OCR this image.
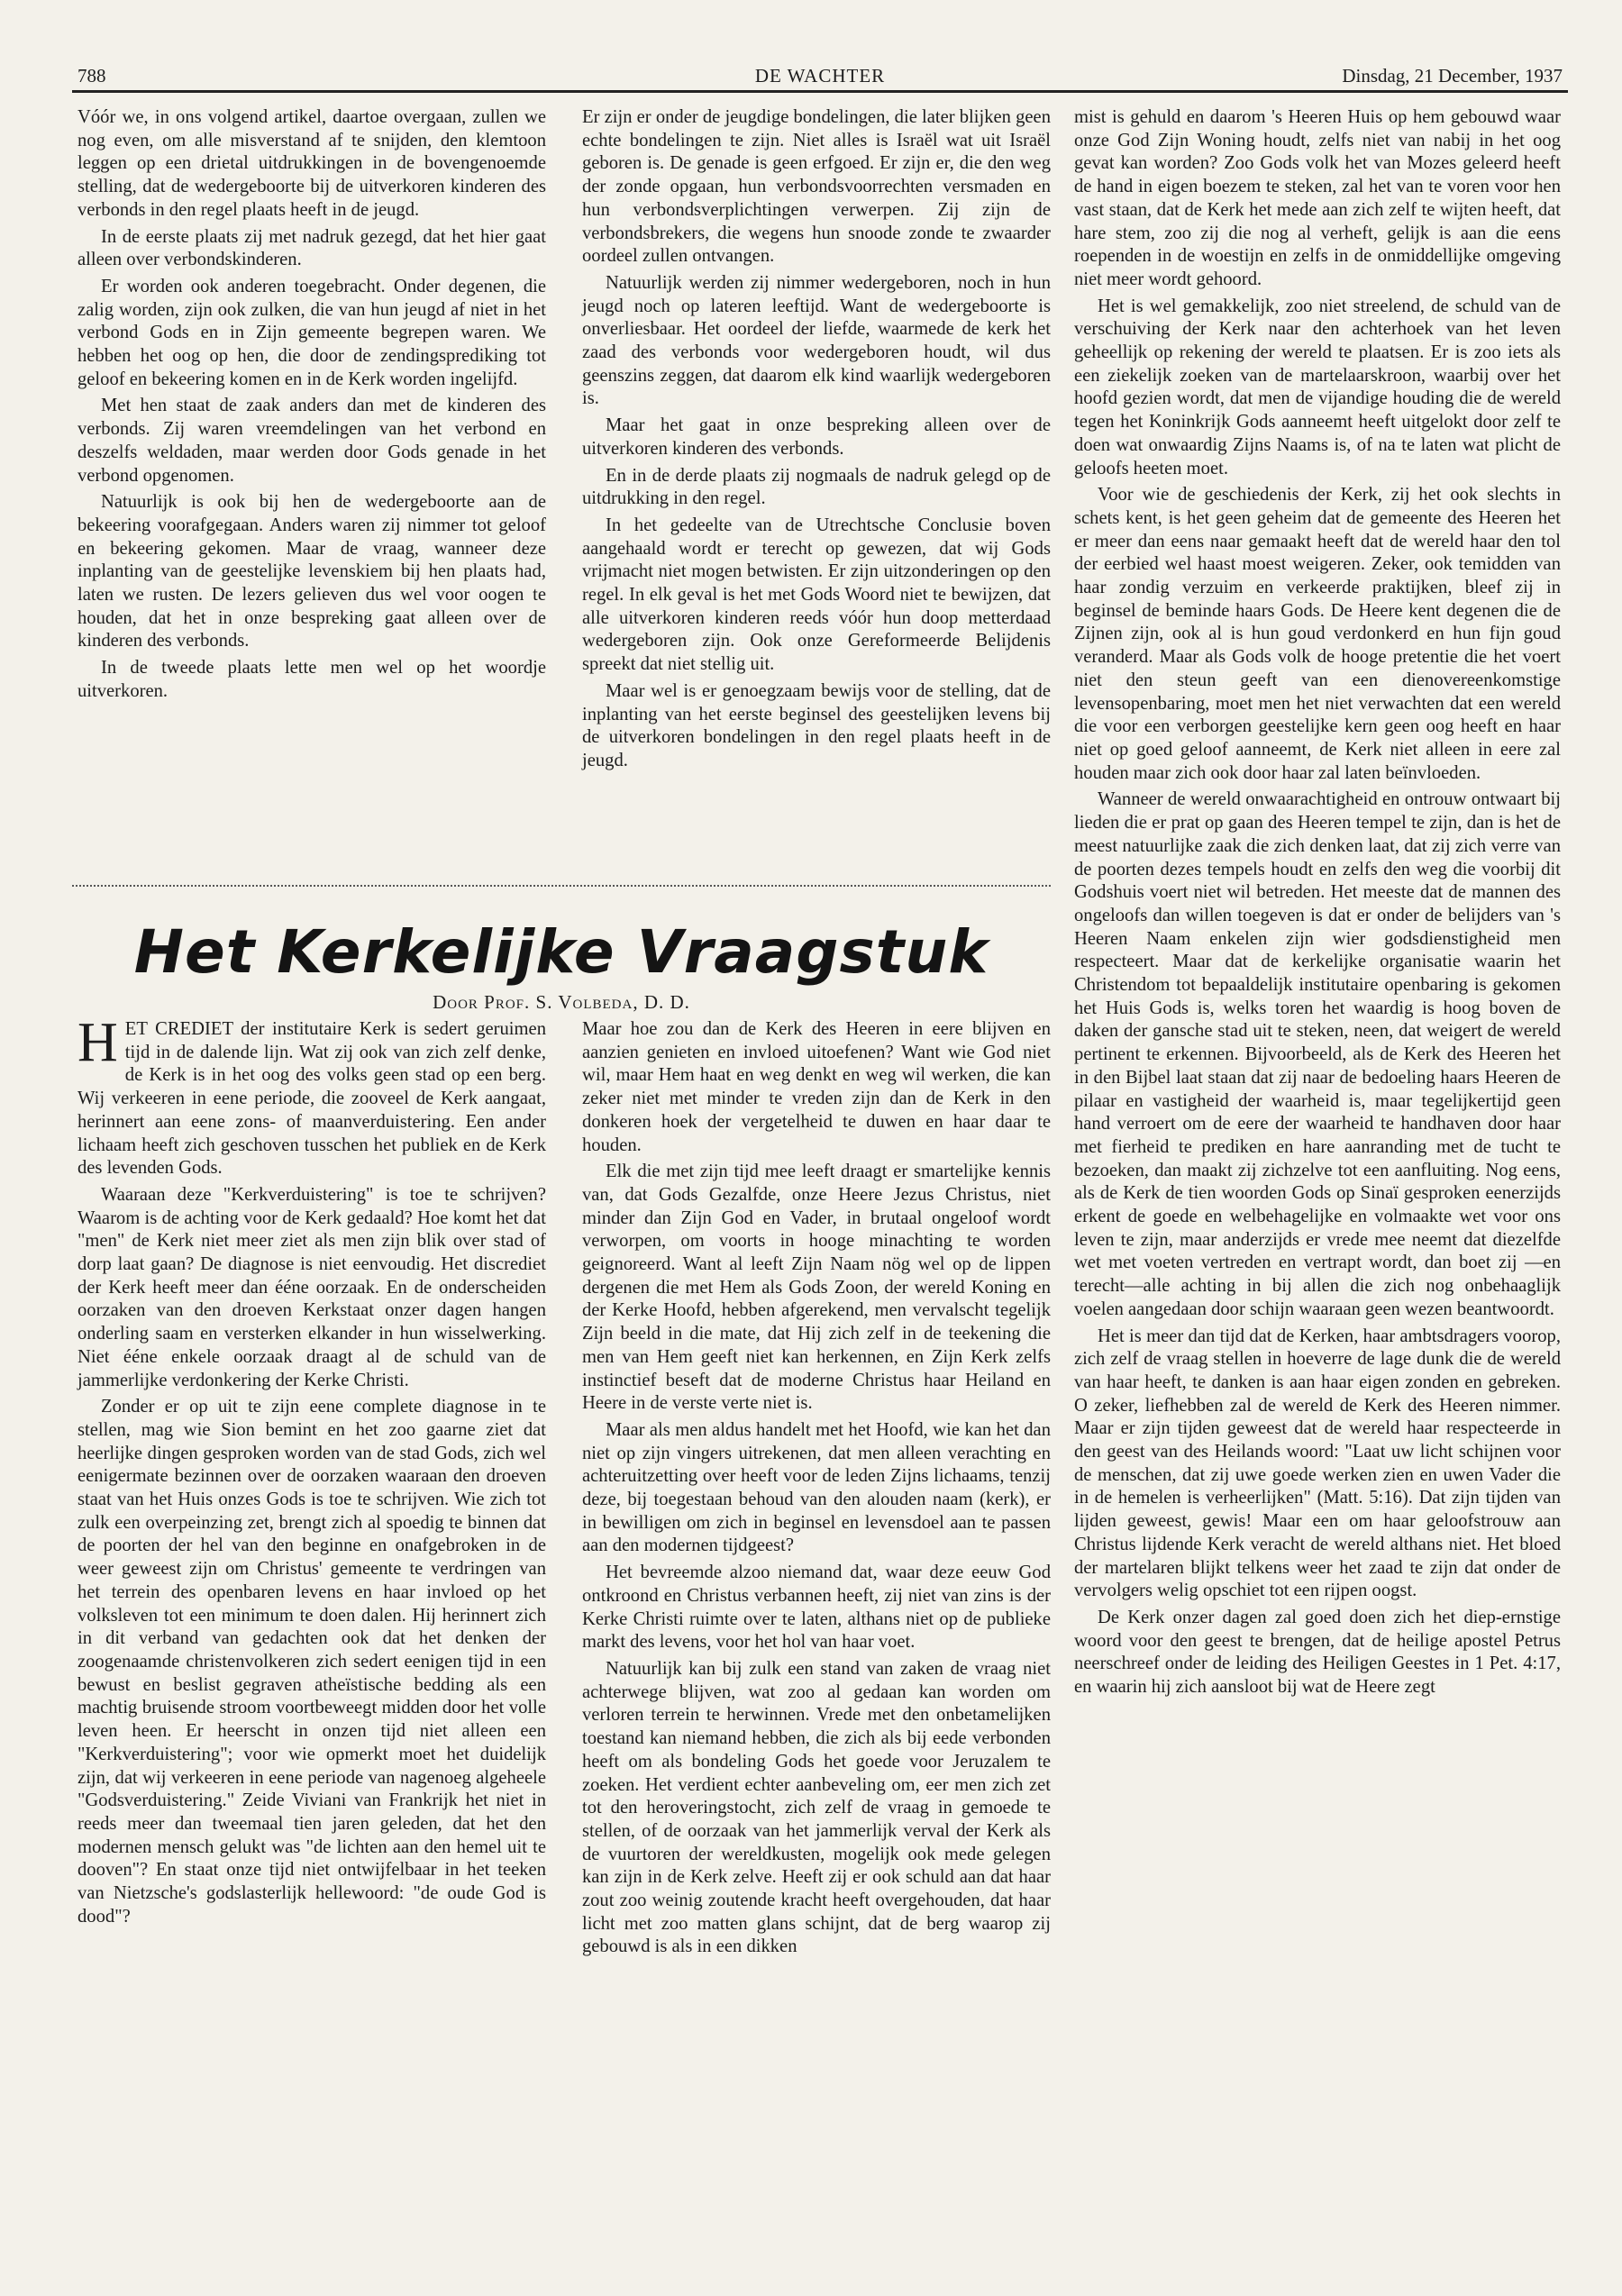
788	DE WACHTER	Dinsdag, 21 December, 1937

Vóór we, in ons volgend artikel, daartoe overgaan, zullen we nog even, om alle misverstand af te snijden, den klemtoon leggen op een drietal uitdrukkingen in de bovengenoemde stelling, dat de wedergeboorte bij de uitverkoren kinderen des verbonds in den regel plaats heeft in de jeugd.

In de eerste plaats zij met nadruk gezegd, dat het hier gaat alleen over verbondskinderen.

Er worden ook anderen toegebracht. Onder degenen, die zalig worden, zijn ook zulken, die van hun jeugd af niet in het verbond Gods en in Zijn gemeente begrepen waren. We hebben het oog op hen, die door de zendingsprediking tot geloof en bekeering komen en in de Kerk worden ingelijfd.

Met hen staat de zaak anders dan met de kinderen des verbonds. Zij waren vreemdelingen van het verbond en deszelfs weldaden, maar werden door Gods genade in het verbond opgenomen.

Natuurlijk is ook bij hen de wedergeboorte aan de bekeering voorafgegaan. Anders waren zij nimmer tot geloof en bekeering gekomen. Maar de vraag, wanneer deze inplanting van de geestelijke levenskiem bij hen plaats had, laten we rusten. De lezers gelieven dus wel voor oogen te houden, dat het in onze bespreking gaat alleen over de kinderen des verbonds.

In de tweede plaats lette men wel op het woordje uitverkoren.

Er zijn er onder de jeugdige bondelingen, die later blijken geen echte bondelingen te zijn. Niet alles is Israël wat uit Israël geboren is. De genade is geen erfgoed. Er zijn er, die den weg der zonde opgaan, hun verbondsvoorrechten versmaden en hun verbondsverplichtingen verwerpen. Zij zijn de verbondsbrekers, die wegens hun snoode zonde te zwaarder oordeel zullen ontvangen.

Natuurlijk werden zij nimmer wedergeboren, noch in hun jeugd noch op lateren leeftijd. Want de wedergeboorte is onverliesbaar. Het oordeel der liefde, waarmede de kerk het zaad des verbonds voor wedergeboren houdt, wil dus geenszins zeggen, dat daarom elk kind waarlijk wedergeboren is.

Maar het gaat in onze bespreking alleen over de uitverkoren kinderen des verbonds.

En in de derde plaats zij nogmaals de nadruk gelegd op de uitdrukking in den regel.

In het gedeelte van de Utrechtsche Conclusie boven aangehaald wordt er terecht op gewezen, dat wij Gods vrijmacht niet mogen betwisten. Er zijn uitzonderingen op den regel. In elk geval is het met Gods Woord niet te bewijzen, dat alle uitverkoren kinderen reeds vóór hun doop metterdaad wedergeboren zijn. Ook onze Gereformeerde Belijdenis spreekt dat niet stellig uit.

Maar wel is er genoegzaam bewijs voor de stelling, dat de inplanting van het eerste beginsel des geestelijken levens bij de uitverkoren bondelingen in den regel plaats heeft in de jeugd.

Het Kerkelijke Vraagstuk
Door Prof. S. Volbeda, D. D.

HET CREDIET der institutaire Kerk is sedert geruimen tijd in de dalende lijn. Wat zij ook van zich zelf denke, de Kerk is in het oog des volks geen stad op een berg. Wij verkeeren in eene periode, die zooveel de Kerk aangaat, herinnert aan eene zons- of maanverduistering. Een ander lichaam heeft zich geschoven tusschen het publiek en de Kerk des levenden Gods.

Waaraan deze "Kerkverduistering" is toe te schrijven? Waarom is de achting voor de Kerk gedaald? Hoe komt het dat "men" de Kerk niet meer ziet als men zijn blik over stad of dorp laat gaan? De diagnose is niet eenvoudig. Het discrediet der Kerk heeft meer dan ééne oorzaak. En de onderscheiden oorzaken van den droeven Kerkstaat onzer dagen hangen onderling saam en versterken elkander in hun wisselwerking. Niet ééne enkele oorzaak draagt al de schuld van de jammerlijke verdonkering der Kerke Christi.

Zonder er op uit te zijn eene complete diagnose in te stellen, mag wie Sion bemint en het zoo gaarne ziet dat heerlijke dingen gesproken worden van de stad Gods, zich wel eenigermate bezinnen over de oorzaken waaraan den droeven staat van het Huis onzes Gods is toe te schrijven. Wie zich tot zulk een overpeinzing zet, brengt zich al spoedig te binnen dat de poorten der hel van den beginne en onafgebroken in de weer geweest zijn om Christus' gemeente te verdringen van het terrein des openbaren levens en haar invloed op het volksleven tot een minimum te doen dalen. Hij herinnert zich in dit verband van gedachten ook dat het denken der zoogenaamde christenvolkeren zich sedert eenigen tijd in een bewust en beslist gegraven atheïstische bedding als een machtig bruisende stroom voortbeweegt midden door het volle leven heen. Er heerscht in onzen tijd niet alleen een "Kerkverduistering"; voor wie opmerkt moet het duidelijk zijn, dat wij verkeeren in eene periode van nagenoeg algeheele "Godsverduistering." Zeide Viviani van Frankrijk het niet in reeds meer dan tweemaal tien jaren geleden, dat het den modernen mensch gelukt was "de lichten aan den hemel uit te dooven"? En staat onze tijd niet ontwijfelbaar in het teeken van Nietzsche's godslasterlijk hellewoord: "de oude God is dood"?

Maar hoe zou dan de Kerk des Heeren in eere blijven en aanzien genieten en invloed uitoefenen? Want wie God niet wil, maar Hem haat en weg denkt en weg wil werken, die kan zeker niet met minder te vreden zijn dan de Kerk in den donkeren hoek der vergetelheid te duwen en haar daar te houden.

Elk die met zijn tijd mee leeft draagt er smartelijke kennis van, dat Gods Gezalfde, onze Heere Jezus Christus, niet minder dan Zijn God en Vader, in brutaal ongeloof wordt verworpen, om voorts in hooge minachting te worden geignoreerd. Want al leeft Zijn Naam nög wel op de lippen dergenen die met Hem als Gods Zoon, der wereld Koning en der Kerke Hoofd, hebben afgerekend, men vervalscht tegelijk Zijn beeld in die mate, dat Hij zich zelf in de teekening die men van Hem geeft niet kan herkennen, en Zijn Kerk zelfs instinctief beseft dat de moderne Christus haar Heiland en Heere in de verste verte niet is.

Maar als men aldus handelt met het Hoofd, wie kan het dan niet op zijn vingers uitrekenen, dat men alleen verachting en achteruitzetting over heeft voor de leden Zijns lichaams, tenzij deze, bij toegestaan behoud van den alouden naam (kerk), er in bewilligen om zich in beginsel en levensdoel aan te passen aan den modernen tijdgeest?

Het bevreemde alzoo niemand dat, waar deze eeuw God ontkroond en Christus verbannen heeft, zij niet van zins is der Kerke Christi ruimte over te laten, althans niet op de publieke markt des levens, voor het hol van haar voet.

Natuurlijk kan bij zulk een stand van zaken de vraag niet achterwege blijven, wat zoo al gedaan kan worden om verloren terrein te herwinnen. Vrede met den onbetamelijken toestand kan niemand hebben, die zich als bij eede verbonden heeft om als bondeling Gods het goede voor Jeruzalem te zoeken. Het verdient echter aanbeveling om, eer men zich zet tot den heroveringstocht, zich zelf de vraag in gemoede te stellen, of de oorzaak van het jammerlijk verval der Kerk als de vuurtoren der wereldkusten, mogelijk ook mede gelegen kan zijn in de Kerk zelve. Heeft zij er ook schuld aan dat haar zout zoo weinig zoutende kracht heeft overgehouden, dat haar licht met zoo matten glans schijnt, dat de berg waarop zij gebouwd is als in een dikken

mist is gehuld en daarom 's Heeren Huis op hem gebouwd waar onze God Zijn Woning houdt, zelfs niet van nabij in het oog gevat kan worden? Zoo Gods volk het van Mozes geleerd heeft de hand in eigen boezem te steken, zal het van te voren voor hen vast staan, dat de Kerk het mede aan zich zelf te wijten heeft, dat hare stem, zoo zij die nog al verheft, gelijk is aan die eens roependen in de woestijn en zelfs in de onmiddellijke omgeving niet meer wordt gehoord.

Het is wel gemakkelijk, zoo niet streelend, de schuld van de verschuiving der Kerk naar den achterhoek van het leven geheellijk op rekening der wereld te plaatsen. Er is zoo iets als een ziekelijk zoeken van de martelaarskroon, waarbij over het hoofd gezien wordt, dat men de vijandige houding die de wereld tegen het Koninkrijk Gods aanneemt heeft uitgelokt door zelf te doen wat onwaardig Zijns Naams is, of na te laten wat plicht de geloofs heeten moet.

Voor wie de geschiedenis der Kerk, zij het ook slechts in schets kent, is het geen geheim dat de gemeente des Heeren het er meer dan eens naar gemaakt heeft dat de wereld haar den tol der eerbied wel haast moest weigeren. Zeker, ook temidden van haar zondig verzuim en verkeerde praktijken, bleef zij in beginsel de beminde haars Gods. De Heere kent degenen die de Zijnen zijn, ook al is hun goud verdonkerd en hun fijn goud veranderd. Maar als Gods volk de hooge pretentie die het voert niet den steun geeft van een dienovereenkomstige levensopenbaring, moet men het niet verwachten dat een wereld die voor een verborgen geestelijke kern geen oog heeft en haar niet op goed geloof aanneemt, de Kerk niet alleen in eere zal houden maar zich ook door haar zal laten beïnvloeden.

Wanneer de wereld onwaarachtigheid en ontrouw ontwaart bij lieden die er prat op gaan des Heeren tempel te zijn, dan is het de meest natuurlijke zaak die zich denken laat, dat zij zich verre van de poorten dezes tempels houdt en zelfs den weg die voorbij dit Godshuis voert niet wil betreden. Het meeste dat de mannen des ongeloofs dan willen toegeven is dat er onder de belijders van 's Heeren Naam enkelen zijn wier godsdienstigheid men respecteert. Maar dat de kerkelijke organisatie waarin het Christendom tot bepaaldelijk institutaire openbaring is gekomen het Huis Gods is, welks toren het waardig is hoog boven de daken der gansche stad uit te steken, neen, dat weigert de wereld pertinent te erkennen. Bijvoorbeeld, als de Kerk des Heeren het in den Bijbel laat staan dat zij naar de bedoeling haars Heeren de pilaar en vastigheid der waarheid is, maar tegelijkertijd geen hand verroert om de eere der waarheid te handhaven door haar met fierheid te prediken en hare aanranding met de tucht te bezoeken, dan maakt zij zichzelve tot een aanfluiting. Nog eens, als de Kerk de tien woorden Gods op Sinaï gesproken eenerzijds erkent de goede en welbehagelijke en volmaakte wet voor ons leven te zijn, maar anderzijds er vrede mee neemt dat diezelfde wet met voeten vertreden en vertrapt wordt, dan boet zij —en terecht—alle achting in bij allen die zich nog onbehaaglijk voelen aangedaan door schijn waaraan geen wezen beantwoordt.

Het is meer dan tijd dat de Kerken, haar ambtsdragers voorop, zich zelf de vraag stellen in hoeverre de lage dunk die de wereld van haar heeft, te danken is aan haar eigen zonden en gebreken. O zeker, liefhebben zal de wereld de Kerk des Heeren nimmer. Maar er zijn tijden geweest dat de wereld haar respecteerde in den geest van des Heilands woord: "Laat uw licht schijnen voor de menschen, dat zij uwe goede werken zien en uwen Vader die in de hemelen is verheerlijken" (Matt. 5:16). Dat zijn tijden van lijden geweest, gewis! Maar een om haar geloofstrouw aan Christus lijdende Kerk veracht de wereld althans niet. Het bloed der martelaren blijkt telkens weer het zaad te zijn dat onder de vervolgers welig opschiet tot een rijpen oogst.

De Kerk onzer dagen zal goed doen zich het diep-ernstige woord voor den geest te brengen, dat de heilige apostel Petrus neerschreef onder de leiding des Heiligen Geestes in 1 Pet. 4:17, en waarin hij zich aansloot bij wat de Heere zegt
